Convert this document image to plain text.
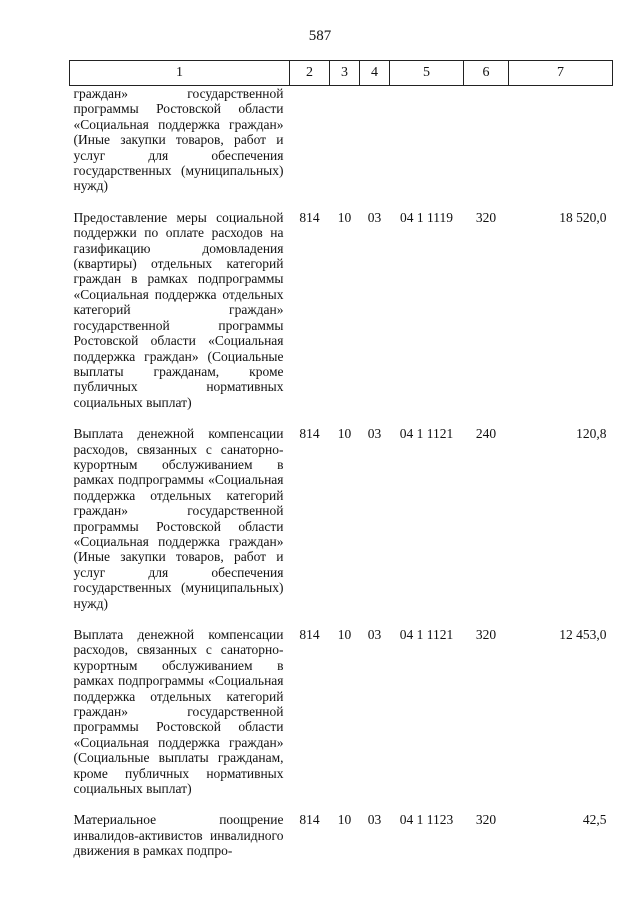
587
1	2	3	4	5	6	7
граждан» государственной программы Ростовской области «Социальная поддержка граждан» (Иные закупки товаров, работ и услуг для обеспечения государственных (муниципальных) нужд)						
Предоставление меры социальной поддержки по оплате расходов на газификацию домовладения (квартиры) отдельных категорий граждан в рамках подпрограммы «Социальная поддержка отдельных категорий граждан» государственной программы Ростовской области «Социальная поддержка граждан» (Социальные выплаты гражданам, кроме публичных нормативных социальных выплат)	814	10	03	04 1 1119	320	18 520,0
Выплата денежной компенсации расходов, связанных с санаторно-курортным обслуживанием в рамках подпрограммы «Социальная поддержка отдельных категорий граждан» государственной программы Ростовской области «Социальная поддержка граждан» (Иные закупки товаров, работ и услуг для обеспечения государственных (муниципальных) нужд)	814	10	03	04 1 1121	240	120,8
Выплата денежной компенсации расходов, связанных с санаторно-курортным обслуживанием в рамках подпрограммы «Социальная поддержка отдельных категорий граждан» государственной программы Ростовской области «Социальная поддержка граждан» (Социальные выплаты гражданам, кроме публичных нормативных социальных выплат)	814	10	03	04 1 1121	320	12 453,0
Материальное поощрение инвалидов-активистов инвалидного движения в рамках подпро-	814	10	03	04 1 1123	320	42,5
